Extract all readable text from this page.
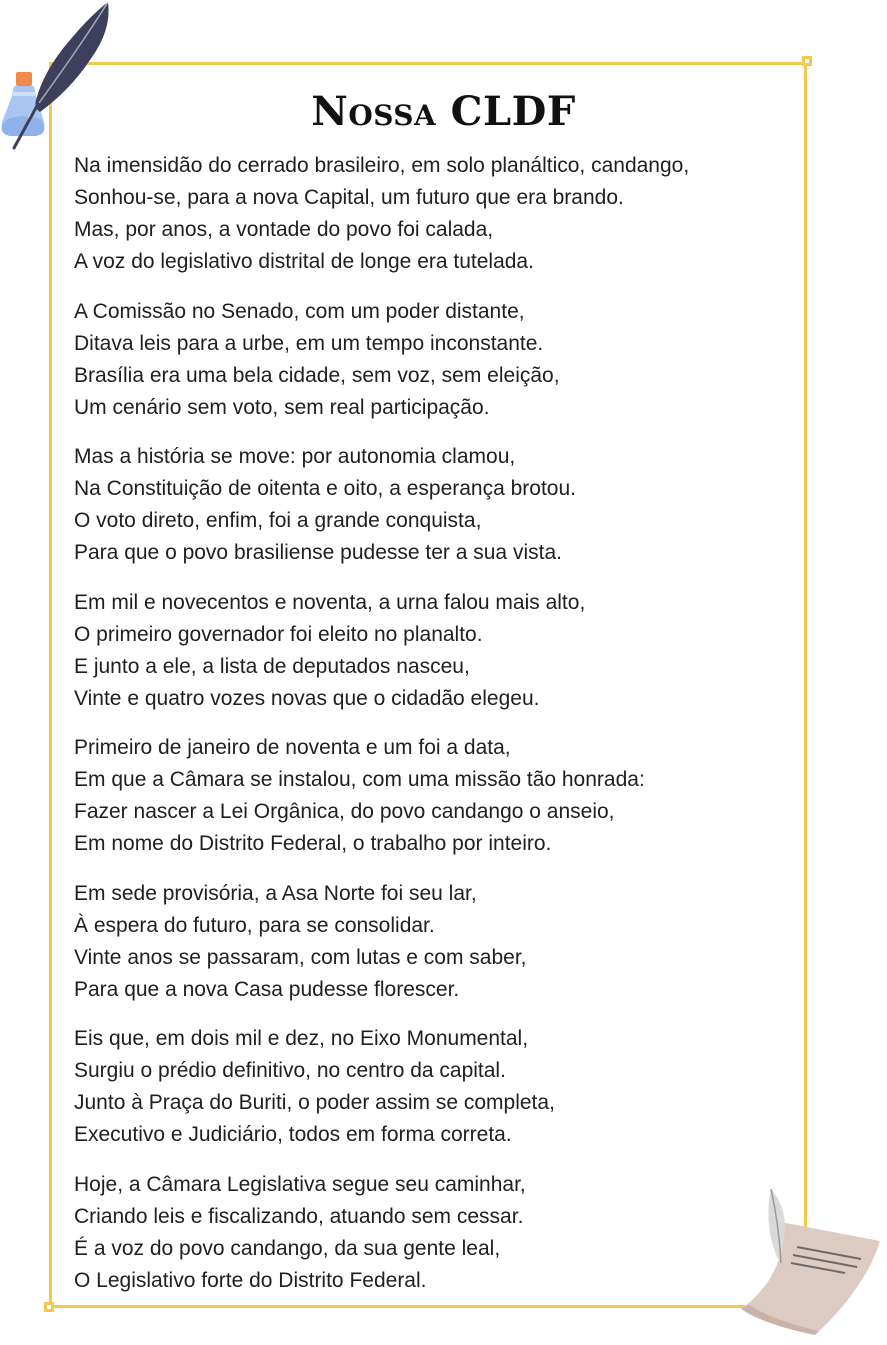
Nossa CLDF
Na imensidão do cerrado brasileiro, em solo planáltico, candango,
Sonhou-se, para a nova Capital, um futuro que era brando.
Mas, por anos, a vontade do povo foi calada,
A voz do legislativo distrital de longe era tutelada.
A Comissão no Senado, com um poder distante,
Ditava leis para a urbe, em um tempo inconstante.
Brasília era uma bela cidade, sem voz, sem eleição,
Um cenário sem voto, sem real participação.
Mas a história se move: por autonomia clamou,
Na Constituição de oitenta e oito, a esperança brotou.
O voto direto, enfim, foi a grande conquista,
Para que o povo brasiliense pudesse ter a sua vista.
Em mil e novecentos e noventa, a urna falou mais alto,
O primeiro governador foi eleito no planalto.
E junto a ele, a lista de deputados nasceu,
Vinte e quatro vozes novas que o cidadão elegeu.
Primeiro de janeiro de noventa e um foi a data,
Em que a Câmara se instalou, com uma missão tão honrada:
Fazer nascer a Lei Orgânica, do povo candango o anseio,
Em nome do Distrito Federal, o trabalho por inteiro.
Em sede provisória, a Asa Norte foi seu lar,
À espera do futuro, para se consolidar.
Vinte anos se passaram, com lutas e com saber,
Para que a nova Casa pudesse florescer.
Eis que, em dois mil e dez, no Eixo Monumental,
Surgiu o prédio definitivo, no centro da capital.
Junto à Praça do Buriti, o poder assim se completa,
Executivo e Judiciário, todos em forma correta.
Hoje, a Câmara Legislativa segue seu caminhar,
Criando leis e fiscalizando, atuando sem cessar.
É a voz do povo candango, da sua gente leal,
O Legislativo forte do Distrito Federal.
